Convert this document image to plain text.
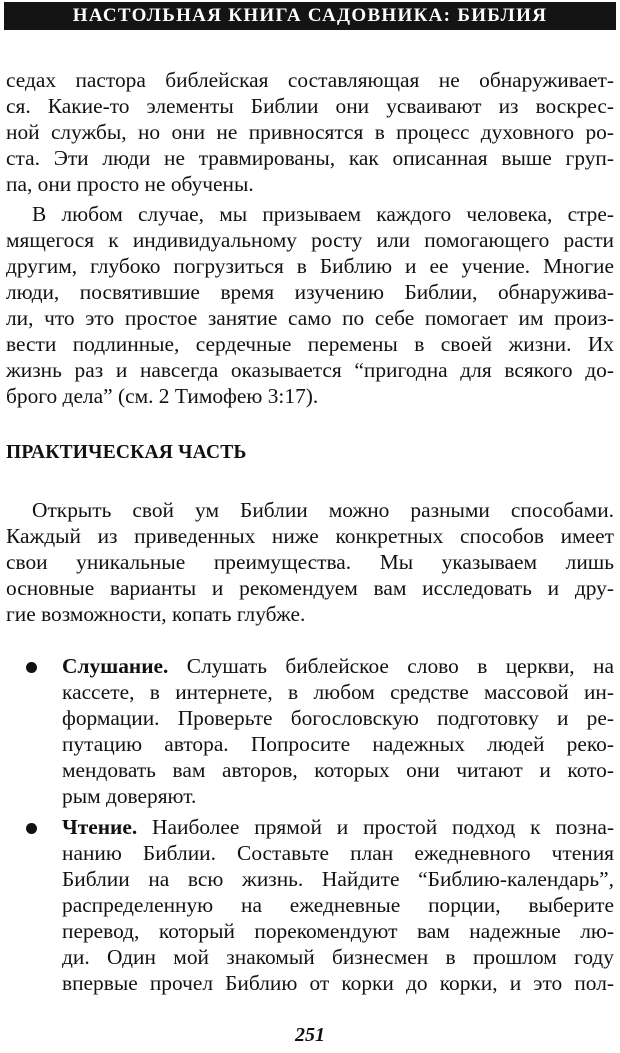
НАСТОЛЬНАЯ КНИГА САДОВНИКА: БИБЛИЯ
седах пастора библейская составляющая не обнаруживает-
ся. Какие-то элементы Библии они усваивают из воскрес-
ной службы, но они не привносятся в процесс духовного ро-
ста. Эти люди не травмированы, как описанная выше груп-
па, они просто не обучены.
В любом случае, мы призываем каждого человека, стре-
мящегося к индивидуальному росту или помогающего расти
другим, глубоко погрузиться в Библию и ее учение. Многие
люди, посвятившие время изучению Библии, обнаружива-
ли, что это простое занятие само по себе помогает им произ-
вести подлинные, сердечные перемены в своей жизни. Их
жизнь раз и навсегда оказывается “пригодна для всякого до-
брого дела” (см. 2 Тимофею 3:17).
ПРАКТИЧЕСКАЯ ЧАСТЬ
Открыть свой ум Библии можно разными способами.
Каждый из приведенных ниже конкретных способов имеет
свои уникальные преимущества. Мы указываем лишь
основные варианты и рекомендуем вам исследовать и дру-
гие возможности, копать глубже.
Слушание. Слушать библейское слово в церкви, на
кассете, в интернете, в любом средстве массовой ин-
формации. Проверьте богословскую подготовку и ре-
путацию автора. Попросите надежных людей реко-
мендовать вам авторов, которых они читают и кото-
рым доверяют.
Чтение. Наиболее прямой и простой подход к позна-
нанию Библии. Составьте план ежедневного чтения
Библии на всю жизнь. Найдите “Библию-календарь”,
распределенную на ежедневные порции, выберите
перевод, который порекомендуют вам надежные лю-
ди. Один мой знакомый бизнесмен в прошлом году
впервые прочел Библию от корки до корки, и это пол-
251
